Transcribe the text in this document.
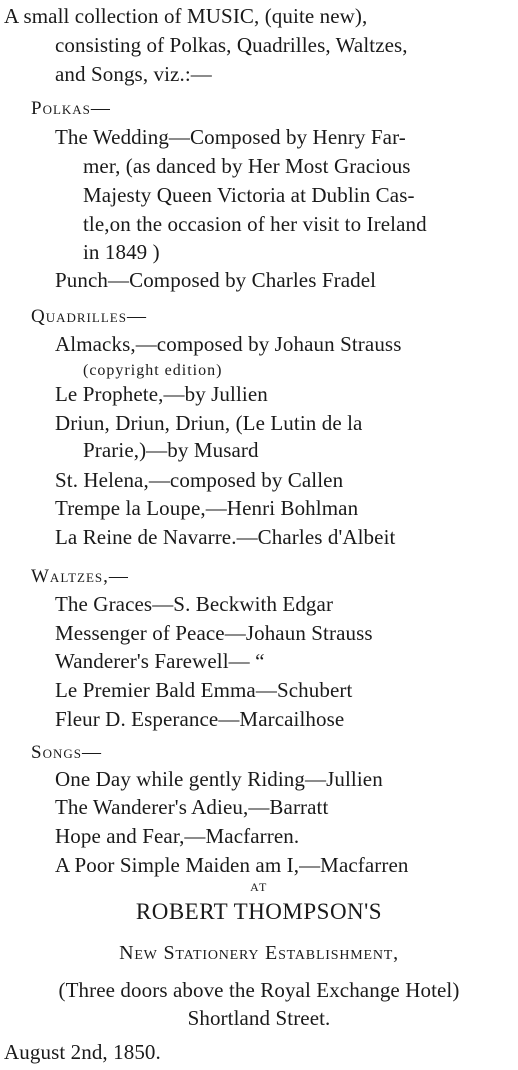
A small collection of MUSIC, (quite new),
consisting of Polkas, Quadrilles, Waltzes,
and Songs, viz.:—
Polkas—
The Wedding—Composed by Henry Far-
mer, (as danced by Her Most Gracious
Majesty Queen Victoria at Dublin Cas-
tle,on the occasion of her visit to Ireland
in 1849 )
Punch—Composed by Charles Fradel
Quadrilles—
Almacks,—composed by Johaun Strauss
(copyright edition)
Le Prophete,—by Jullien
Driun, Driun, Driun, (Le Lutin de la
Prarie,)—by Musard
St. Helena,—composed by Callen
Trempe la Loupe,—Henri Bohlman
La Reine de Navarre.—Charles d'Albeit
Waltzes,—
The Graces—S. Beckwith Edgar
Messenger of Peace—Johaun Strauss
Wanderer's Farewell— “
Le Premier Bald Emma—Schubert
Fleur D. Esperance—Marcailhose
Songs—
One Day while gently Riding—Jullien
The Wanderer's Adieu,—Barratt
Hope and Fear,—Macfarren.
A Poor Simple Maiden am I,—Macfarren
AT
ROBERT THOMPSON'S
New Stationery Establishment,
(Three doors above the Royal Exchange Hotel)
Shortland Street.
August 2nd, 1850.
